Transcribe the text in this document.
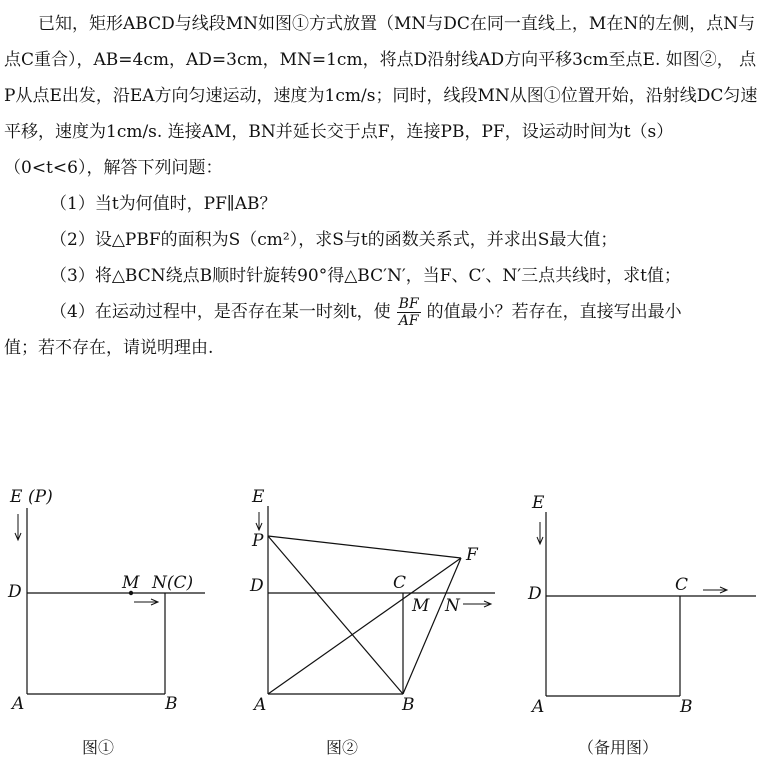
已知，矩形ABCD与线段MN如图①方式放置（MN与DC在同一直线上，M在N的左侧，点N与点C重合），AB=4cm，AD=3cm，MN=1cm，将点D沿射线AD方向平移3cm至点E. 如图②， 点P从点E出发，沿EA方向匀速运动，速度为1cm/s；同时，线段MN从图①位置开始，沿射线DC匀速平移，速度为1cm/s. 连接AM，BN并延长交于点F，连接PB，PF，设运动时间为t（s）（0<t<6），解答下列问题：

（1）当t为何值时，PF∥AB？

（2）设△PBF的面积为S（cm²），求S与t的函数关系式，并求出S最大值；

（3）将△BCN绕点B顺时针旋转90°得△BC′N′，当F、C′、N′三点共线时，求t值；

（4）在运动过程中，是否存在某一时刻t，使 $\frac{BF}{AF}$ 的值最小？若存在，直接写出最小

值；若不存在，请说明理由.

E (P)
D	M N(C)
A	B
图①
E
P
D	C
M N
F
A	B
图②
E
D	C
A	B
（备用图）
